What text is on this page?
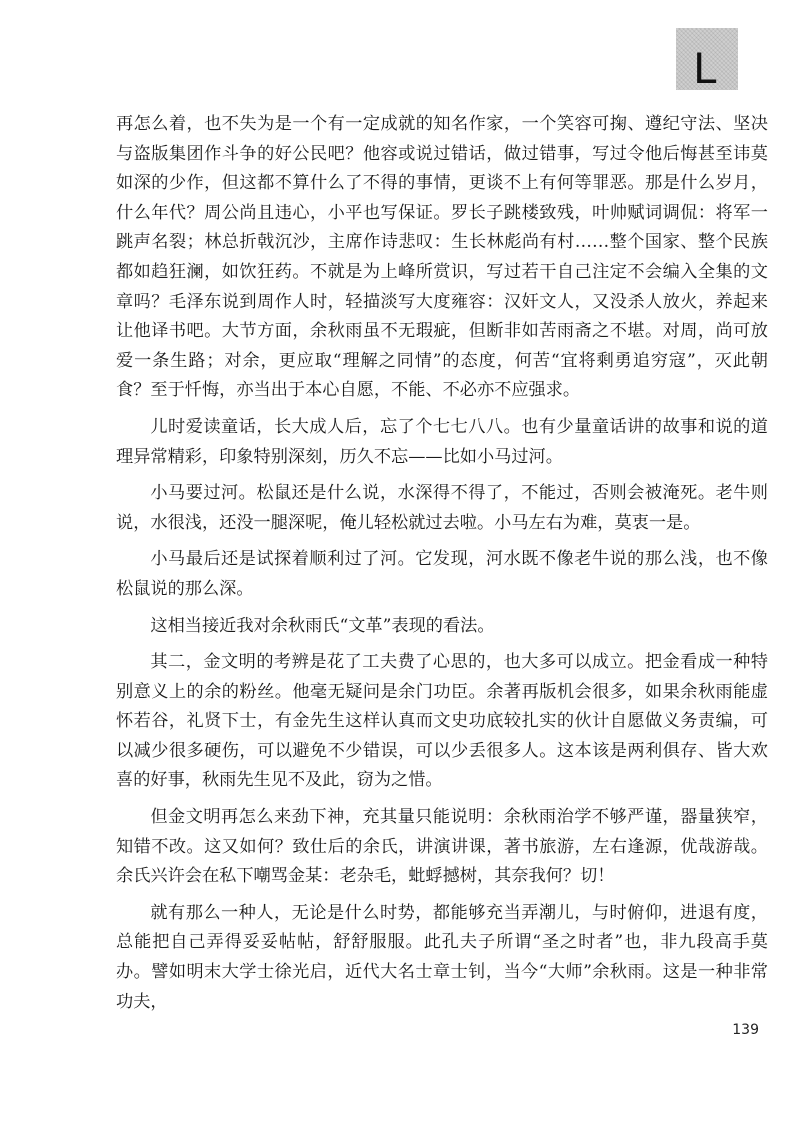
L

再怎么着，也不失为是一个有一定成就的知名作家，一个笑容可掬、遵纪守法、坚决与盗版集团作斗争的好公民吧？他容或说过错话，做过错事，写过令他后悔甚至讳莫如深的少作，但这都不算什么了不得的事情，更谈不上有何等罪恶。那是什么岁月，什么年代？周公尚且违心，小平也写保证。罗长子跳楼致残，叶帅赋词调侃：将军一跳声名裂；林总折戟沉沙，主席作诗悲叹：生长林彪尚有村……整个国家、整个民族都如趋狂澜，如饮狂药。不就是为上峰所赏识，写过若干自己注定不会编入全集的文章吗？毛泽东说到周作人时，轻描淡写大度雍容：汉奸文人，又没杀人放火，养起来让他译书吧。大节方面，余秋雨虽不无瑕疵，但断非如苦雨斋之不堪。对周，尚可放爱一条生路；对余，更应取“理解之同情”的态度，何苦“宜将剩勇追穷寇”，灭此朝食？至于忏悔，亦当出于本心自愿，不能、不必亦不应强求。

儿时爱读童话，长大成人后，忘了个七七八八。也有少量童话讲的故事和说的道理异常精彩，印象特别深刻，历久不忘——比如小马过河。

小马要过河。松鼠还是什么说，水深得不得了，不能过，否则会被淹死。老牛则说，水很浅，还没一腿深呢，俺儿轻松就过去啦。小马左右为难，莫衷一是。

小马最后还是试探着顺利过了河。它发现，河水既不像老牛说的那么浅，也不像松鼠说的那么深。

这相当接近我对余秋雨氏“文革”表现的看法。

其二，金文明的考辨是花了工夫费了心思的，也大多可以成立。把金看成一种特别意义上的余的粉丝。他毫无疑问是余门功臣。余著再版机会很多，如果余秋雨能虚怀若谷，礼贤下士，有金先生这样认真而文史功底较扎实的伙计自愿做义务责编，可以减少很多硬伤，可以避免不少错误，可以少丢很多人。这本该是两利俱存、皆大欢喜的好事，秋雨先生见不及此，窃为之惜。

但金文明再怎么来劲下神，充其量只能说明：余秋雨治学不够严谨，器量狭窄，知错不改。这又如何？致仕后的余氏，讲演讲课，著书旅游，左右逢源，优哉游哉。余氏兴许会在私下嘲骂金某：老杂毛，蚍蜉撼树，其奈我何？切！

就有那么一种人，无论是什么时势，都能够充当弄潮儿，与时俯仰，进退有度，总能把自己弄得妥妥帖帖，舒舒服服。此孔夫子所谓“圣之时者”也，非九段高手莫办。譬如明末大学士徐光启，近代大名士章士钊，当今“大师”余秋雨。这是一种非常功夫，

139
